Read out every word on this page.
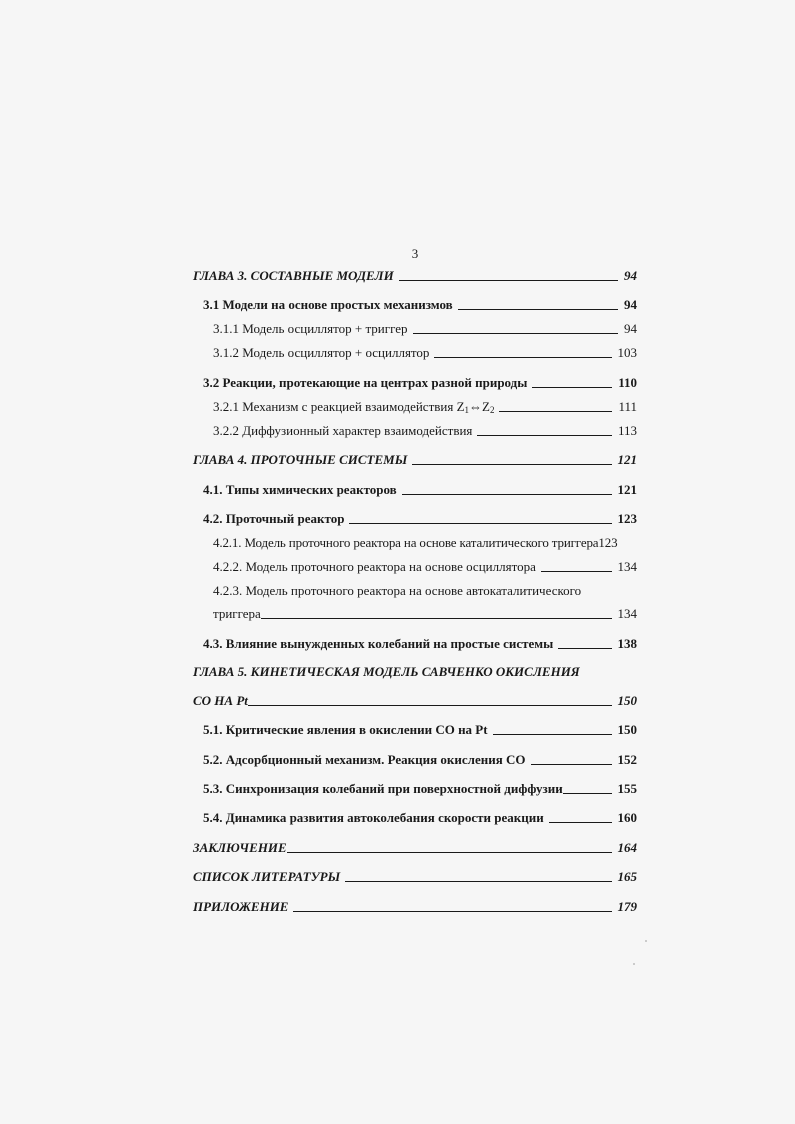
3
ГЛАВА 3. СОСТАВНЫЕ МОДЕЛИ	94
3.1 Модели на основе простых механизмов	94
3.1.1 Модель осциллятор + триггер	94
3.1.2 Модель осциллятор + осциллятор	103
3.2 Реакции, протекающие на центрах разной природы	110
3.2.1 Механизм с реакцией взаимодействия $Z_1\Leftrightarrow Z_2$	111
3.2.2 Диффузионный характер взаимодействия	113
ГЛАВА 4. ПРОТОЧНЫЕ СИСТЕМЫ	121
4.1. Типы химических реакторов	121
4.2. Проточный реактор	123
4.2.1. Модель проточного реактора на основе каталитического триггера 123
4.2.2. Модель проточного реактора на основе осциллятора	134
4.2.3. Модель проточного реактора на основе автокаталитического
триггера	134
4.3. Влияние вынужденных колебаний на простые системы	138
ГЛАВА 5. КИНЕТИЧЕСКАЯ МОДЕЛЬ САВЧЕНКО ОКИСЛЕНИЯ
СО НА Pt	150
5.1. Критические явления в окислении СО на Pt	150
5.2. Адсорбционный механизм. Реакция окисления СО	152
5.3. Синхронизация колебаний при поверхностной диффузии	155
5.4. Динамика развития автоколебания скорости реакции	160
ЗАКЛЮЧЕНИЕ	164
СПИСОК ЛИТЕРАТУРЫ	165
ПРИЛОЖЕНИЕ	179
